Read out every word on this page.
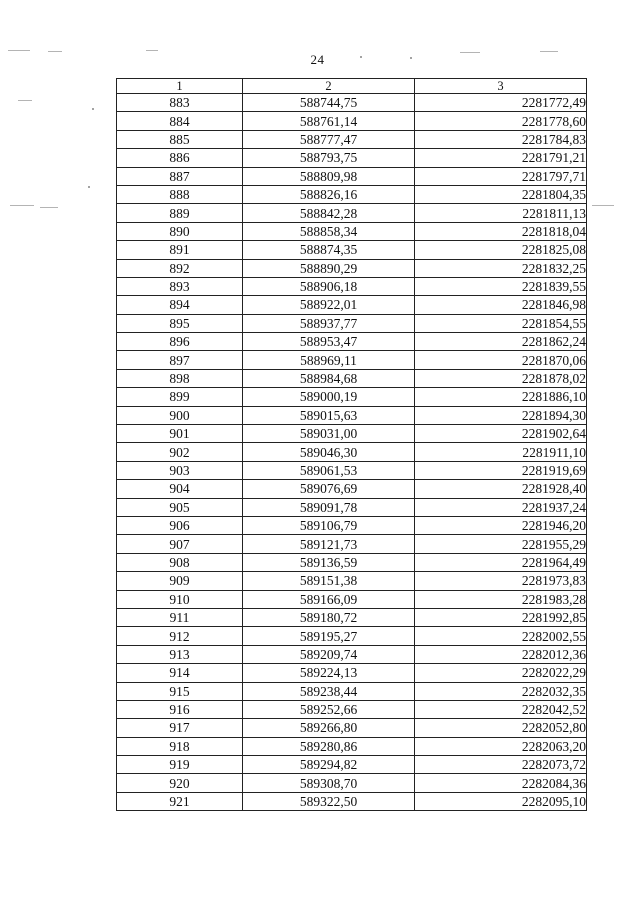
24
1	2	3
883	588744,75	2281772,49
884	588761,14	2281778,60
885	588777,47	2281784,83
886	588793,75	2281791,21
887	588809,98	2281797,71
888	588826,16	2281804,35
889	588842,28	2281811,13
890	588858,34	2281818,04
891	588874,35	2281825,08
892	588890,29	2281832,25
893	588906,18	2281839,55
894	588922,01	2281846,98
895	588937,77	2281854,55
896	588953,47	2281862,24
897	588969,11	2281870,06
898	588984,68	2281878,02
899	589000,19	2281886,10
900	589015,63	2281894,30
901	589031,00	2281902,64
902	589046,30	2281911,10
903	589061,53	2281919,69
904	589076,69	2281928,40
905	589091,78	2281937,24
906	589106,79	2281946,20
907	589121,73	2281955,29
908	589136,59	2281964,49
909	589151,38	2281973,83
910	589166,09	2281983,28
911	589180,72	2281992,85
912	589195,27	2282002,55
913	589209,74	2282012,36
914	589224,13	2282022,29
915	589238,44	2282032,35
916	589252,66	2282042,52
917	589266,80	2282052,80
918	589280,86	2282063,20
919	589294,82	2282073,72
920	589308,70	2282084,36
921	589322,50	2282095,10
